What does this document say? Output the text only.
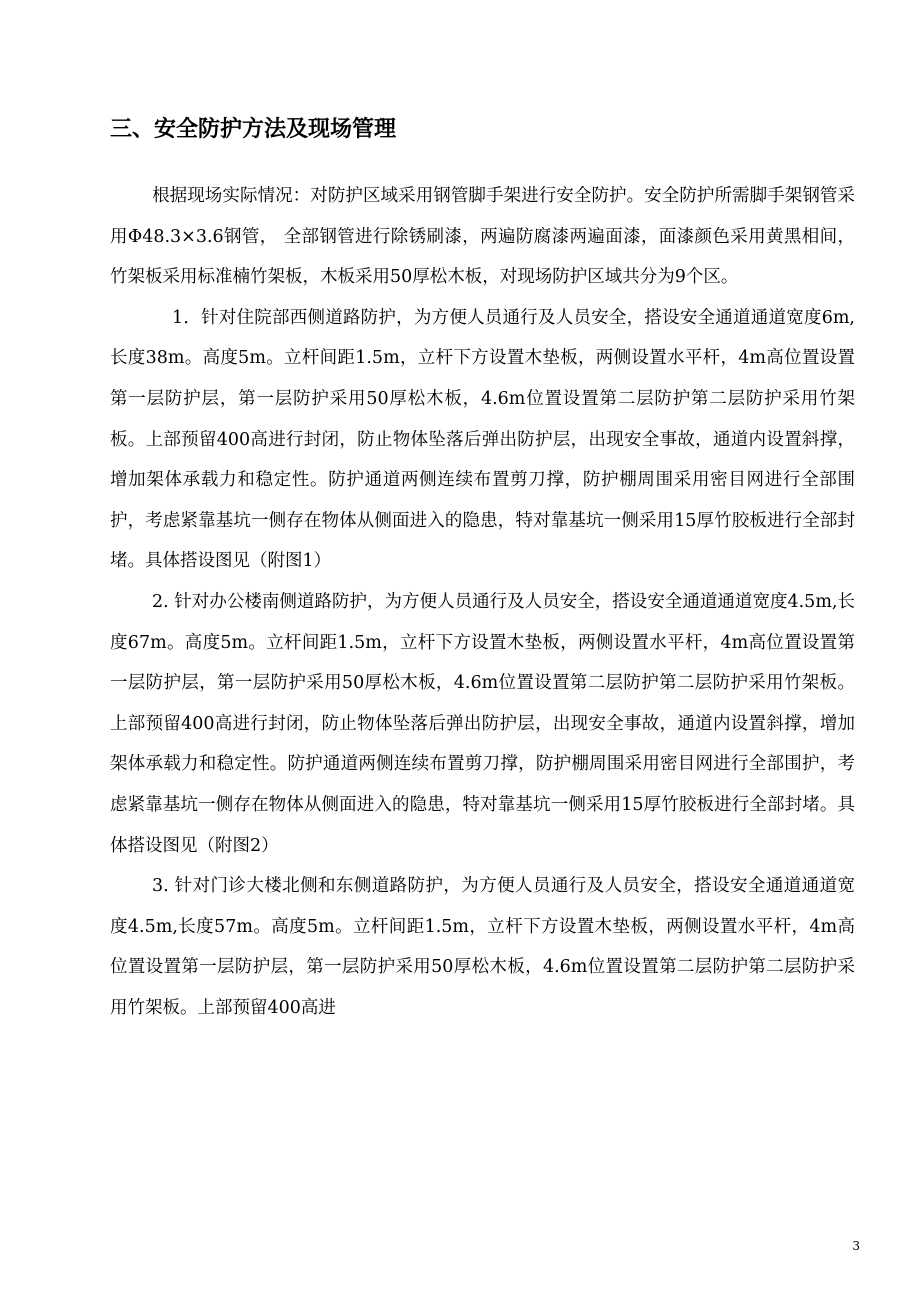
三、安全防护方法及现场管理

根据现场实际情况：对防护区域采用钢管脚手架进行安全防护。安全防护所需脚手架钢管采用Φ48.3×3.6钢管， 全部钢管进行除锈刷漆，两遍防腐漆两遍面漆，面漆颜色采用黄黑相间，竹架板采用标准楠竹架板，木板采用50厚松木板，对现场防护区域共分为9个区。

1．针对住院部西侧道路防护，为方便人员通行及人员安全，搭设安全通道通道宽度6m,长度38m。高度5m。立杆间距1.5m，立杆下方设置木垫板，两侧设置水平杆，4m高位置设置第一层防护层，第一层防护采用50厚松木板，4.6m位置设置第二层防护第二层防护采用竹架板。上部预留400高进行封闭，防止物体坠落后弹出防护层，出现安全事故，通道内设置斜撑，增加架体承载力和稳定性。防护通道两侧连续布置剪刀撑，防护棚周围采用密目网进行全部围护，考虑紧靠基坑一侧存在物体从侧面进入的隐患，特对靠基坑一侧采用15厚竹胶板进行全部封堵。具体搭设图见（附图1）

2. 针对办公楼南侧道路防护，为方便人员通行及人员安全，搭设安全通道通道宽度4.5m,长度67m。高度5m。立杆间距1.5m，立杆下方设置木垫板，两侧设置水平杆，4m高位置设置第一层防护层，第一层防护采用50厚松木板，4.6m位置设置第二层防护第二层防护采用竹架板。上部预留400高进行封闭，防止物体坠落后弹出防护层，出现安全事故，通道内设置斜撑，增加架体承载力和稳定性。防护通道两侧连续布置剪刀撑，防护棚周围采用密目网进行全部围护，考虑紧靠基坑一侧存在物体从侧面进入的隐患，特对靠基坑一侧采用15厚竹胶板进行全部封堵。具体搭设图见（附图2）

3. 针对门诊大楼北侧和东侧道路防护，为方便人员通行及人员安全，搭设安全通道通道宽度4.5m,长度57m。高度5m。立杆间距1.5m，立杆下方设置木垫板，两侧设置水平杆，4m高位置设置第一层防护层，第一层防护采用50厚松木板，4.6m位置设置第二层防护第二层防护采用竹架板。上部预留400高进

3
